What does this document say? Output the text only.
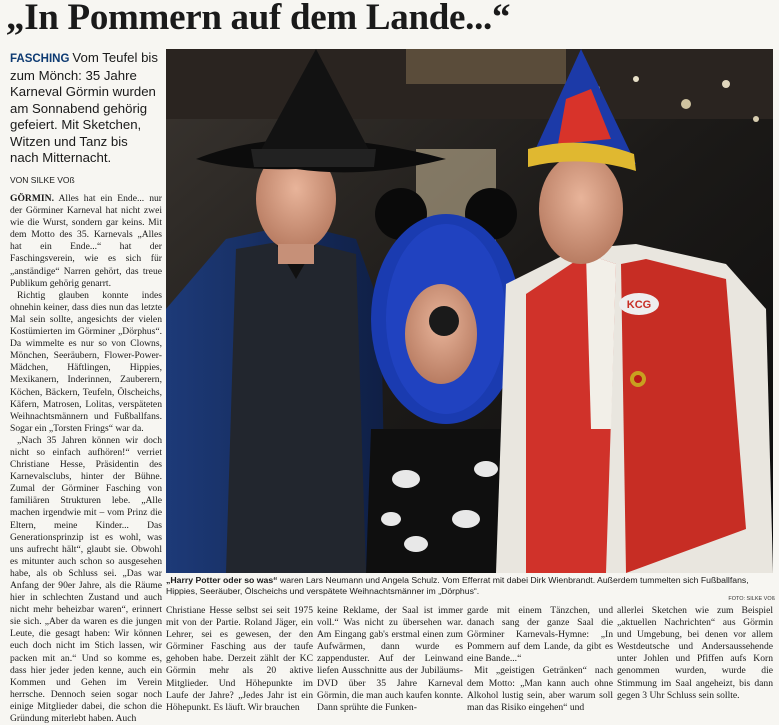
„In Pommern auf dem Lande...“
FASCHING Vom Teufel bis zum Mönch: 35 Jahre Karneval Görmin wurden am Sonnabend gehörig gefeiert. Mit Sketchen, Witzen und Tanz bis nach Mitternacht.
VON SILKE VOß

GÖRMIN. Alles hat ein Ende... nur der Görminer Karneval hat nicht zwei wie die Wurst, sondern gar keins. Mit dem Motto des 35. Karnevals „Alles hat ein Ende...“ hat der Faschingsverein, wie es sich für „anständige“ Narren gehört, das treue Publikum gehörig genarrt.

Richtig glauben konnte indes ohnehin keiner, dass dies nun das letzte Mal sein sollte, angesichts der vielen Kostümierten im Görminer „Dörphus“. Da wimmelte es nur so von Clowns, Mönchen, Seeräubern, Flower-Power-Mädchen, Häftlingen, Hippies, Mexikanern, Inderinnen, Zauberern, Köchen, Bäckern, Teufeln, Ölscheichs, Käfern, Matrosen, Lolitas, verspäteten Weihnachtsmännern und Fußballfans. Sogar ein „Torsten Frings“ war da.

„Nach 35 Jahren können wir doch nicht so einfach aufhören!“ verriet Christiane Hesse, Präsidentin des Karnevalsclubs, hinter der Bühne. Zumal der Görminer Fasching von familiären Strukturen lebe. „Alle machen irgendwie mit – vom Prinz die Eltern, meine Kinder... Das Generationsprinzip ist es wohl, was uns aufrecht hält“, glaubt sie. Obwohl es mitunter auch schon so ausgesehen habe, als ob Schluss sei. „Das war Anfang der 90er Jahre, als die Räume hier in schlechten Zustand und auch nicht mehr beheizbar waren“, erinnert sie sich. „Aber da waren es die jungen Leute, die gesagt haben: Wir können euch doch nicht im Stich lassen, wir packen mit an.“ Und so komme es, dass hier jeder jeden kenne, auch ein Kommen und Gehen im Verein herrsche. Dennoch seien sogar noch einige Mitglieder dabei, die schon die Gründung miterlebt haben. Auch

KCG
„Harry Potter oder so was“ waren Lars Neumann und Angela Schulz. Vom Efferrat mit dabei Dirk Wienbrandt. Außerdem tummelten sich Fußballfans, Hippies, Seeräuber, Ölscheichs und verspätete Weihnachtsmänner im „Dörphus“.
FOTO: SILKE VOß

Christiane Hesse selbst sei seit 1975 mit von der Partie. Roland Jäger, ein Lehrer, sei es gewesen, der den Görminer Fasching aus der taufe gehoben habe. Derzeit zählt der KC Görmin mehr als 20 aktive Mitglieder. Und Höhepunkte im Laufe der Jahre? „Jedes Jahr ist ein Höhepunkt. Es läuft. Wir brauchen

keine Reklame, der Saal ist immer voll.“ Was nicht zu übersehen war. Am Eingang gab's erstmal einen zum Aufwärmen, dann wurde es zappenduster. Auf der Leinwand liefen Ausschnitte aus der Jubiläums-DVD über 35 Jahre Karneval Görmin, die man auch kaufen konnte. Dann sprühte die Funken-

garde mit einem Tänzchen, und danach sang der ganze Saal die Görminer Karnevals-Hymne: „In Pommern auf dem Lande, da gibt es eine Bande...“

Mit „geistigen Getränken“ nach dem Motto: „Man kann auch ohne Alkohol lustig sein, aber warum soll man das Risiko eingehen“ und

allerlei Sketchen wie zum Beispiel „aktuellen Nachrichten“ aus Görmin und Umgebung, bei denen vor allem Westdeutsche und Andersaussehende unter Johlen und Pfiffen aufs Korn genommen wurden, wurde die Stimmung im Saal angeheizt, bis dann gegen 3 Uhr Schluss sein sollte.
